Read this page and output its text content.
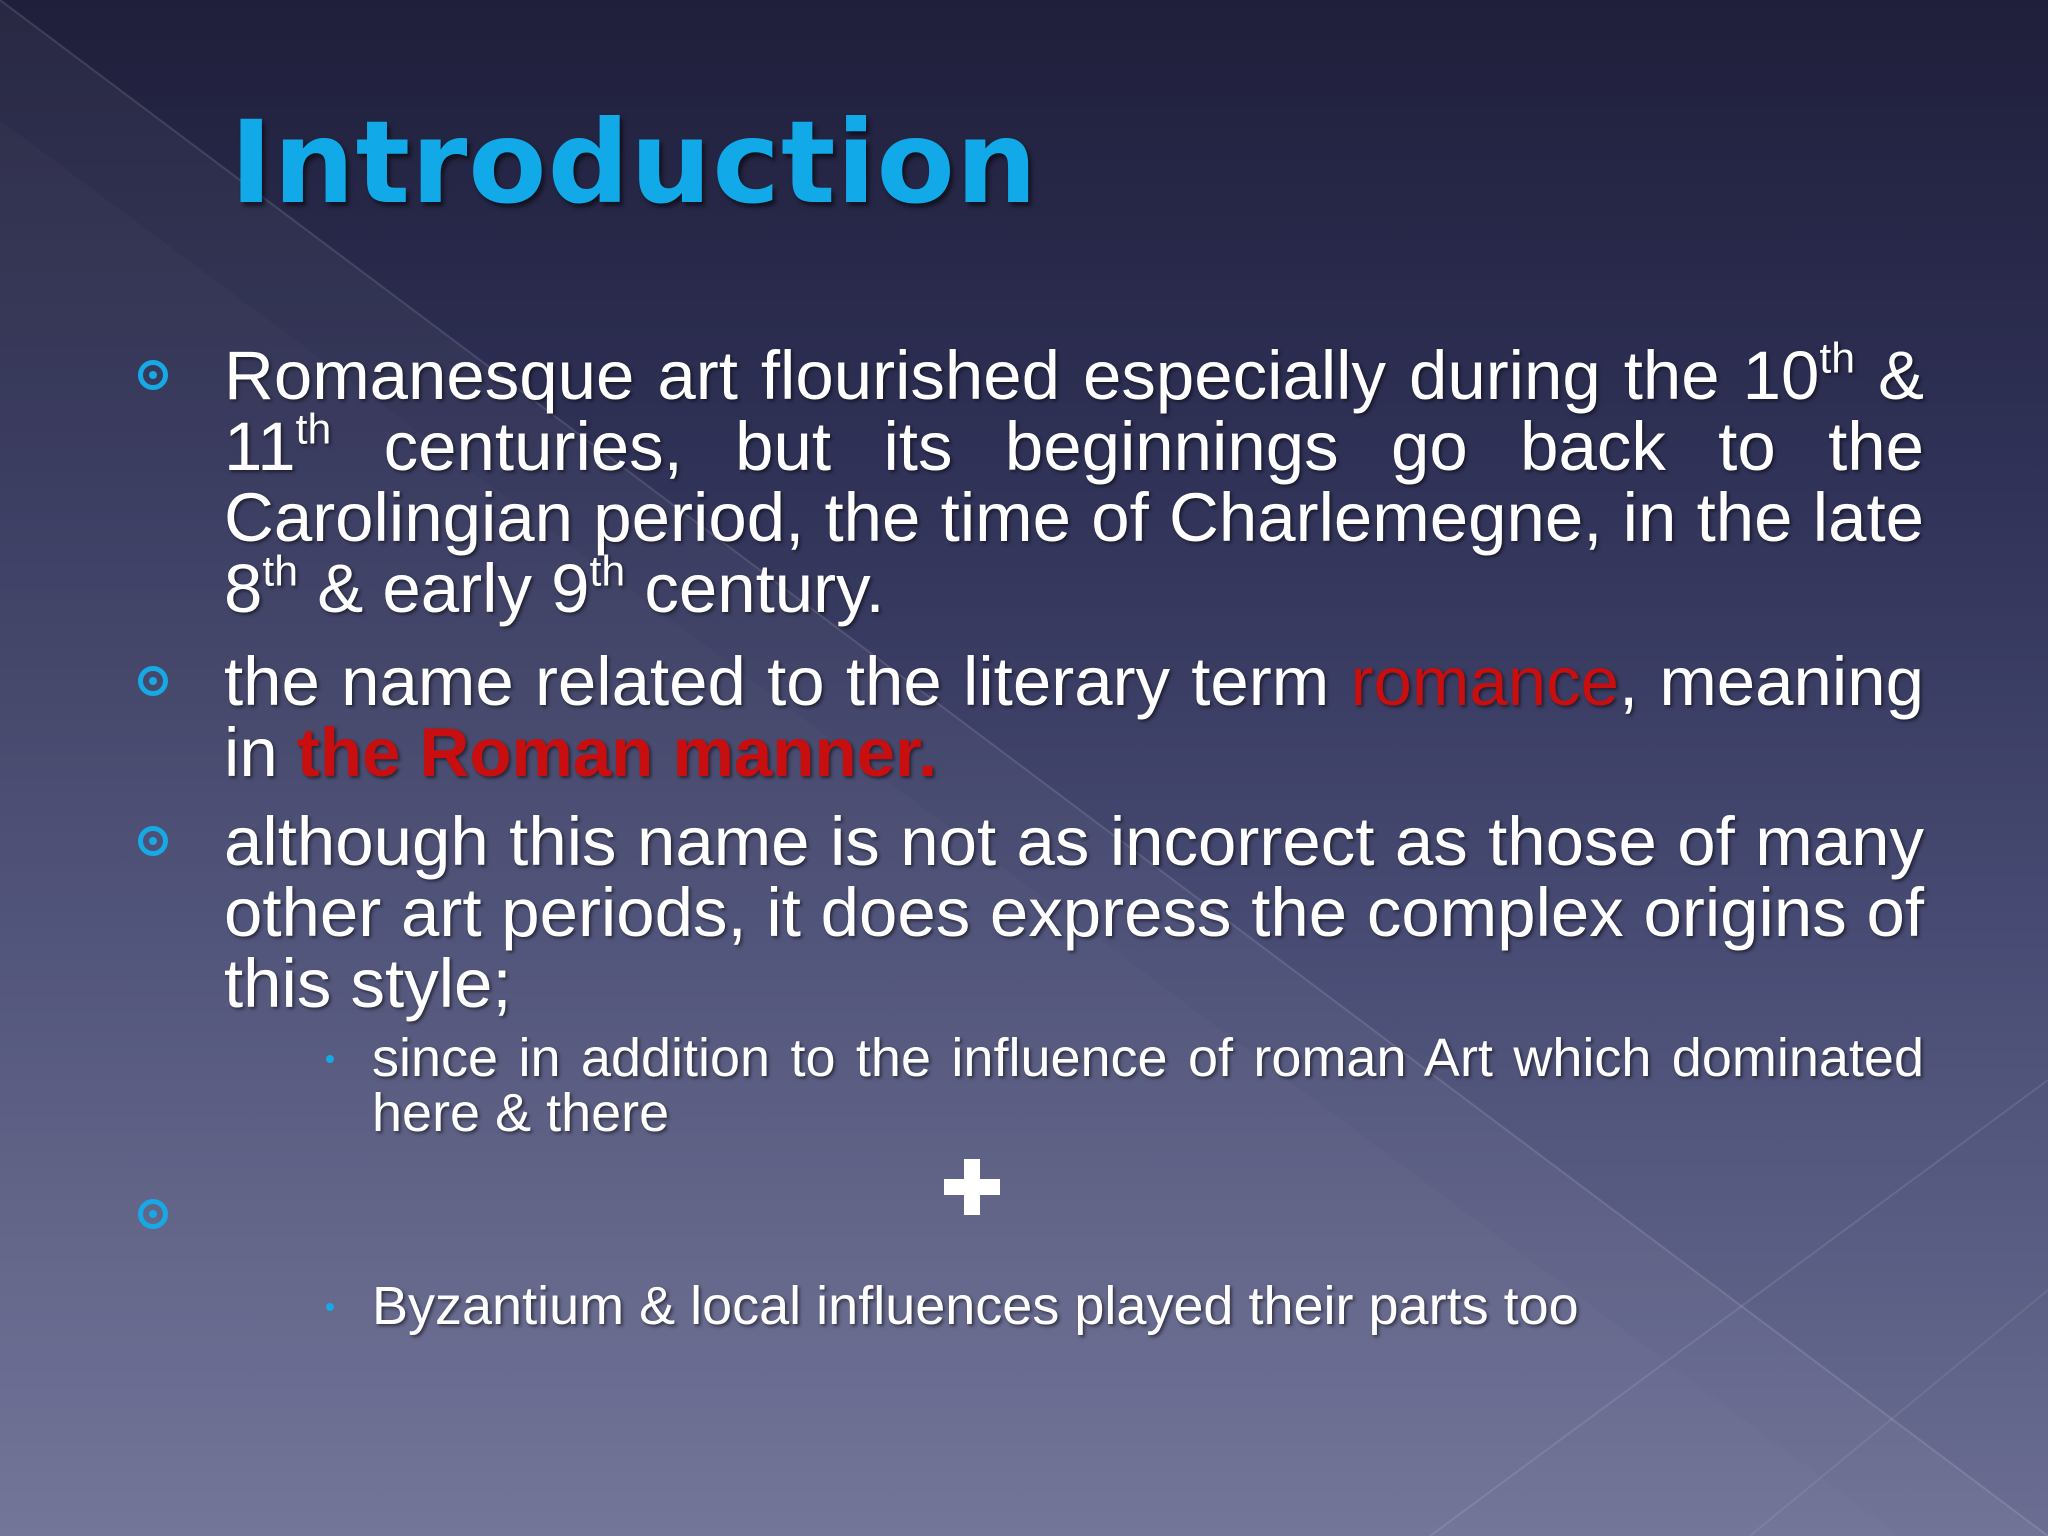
Introduction
Romanesque art flourished especially during the 10th & 11th centuries, but its beginnings go back to the Carolingian period, the time of Charlemegne, in the late 8th & early 9th century.
the name related to the literary term romance, meaning in the Roman manner.
although this name is not as incorrect as those of many other art periods, it does express the complex origins of this style;
since in addition to the influence of roman Art which dominated here & there
Byzantium & local influences played their parts too
